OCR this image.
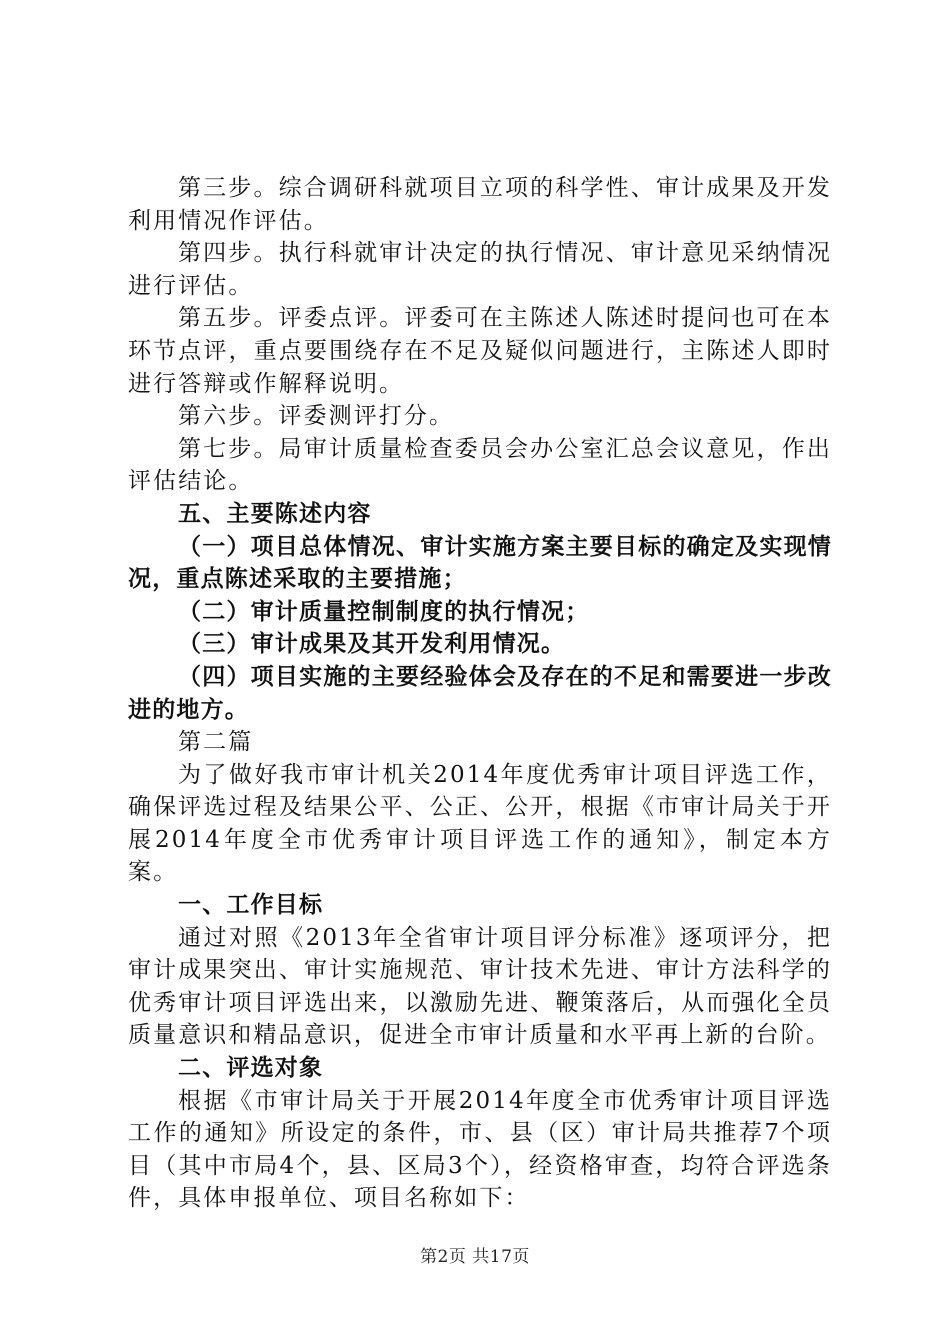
第三步。综合调研科就项目立项的科学性、审计成果及开发利用情况作评估。

第四步。执行科就审计决定的执行情况、审计意见采纳情况进行评估。

第五步。评委点评。评委可在主陈述人陈述时提问也可在本环节点评，重点要围绕存在不足及疑似问题进行，主陈述人即时进行答辩或作解释说明。

第六步。评委测评打分。

第七步。局审计质量检查委员会办公室汇总会议意见，作出评估结论。

五、主要陈述内容

（一）项目总体情况、审计实施方案主要目标的确定及实现情况，重点陈述采取的主要措施；

（二）审计质量控制制度的执行情况；

（三）审计成果及其开发利用情况。

（四）项目实施的主要经验体会及存在的不足和需要进一步改进的地方。

第二篇

为了做好我市审计机关2014年度优秀审计项目评选工作，确保评选过程及结果公平、公正、公开，根据《市审计局关于开展2014年度全市优秀审计项目评选工作的通知》，制定本方案。

一、工作目标

通过对照《2013年全省审计项目评分标准》逐项评分，把审计成果突出、审计实施规范、审计技术先进、审计方法科学的优秀审计项目评选出来，以激励先进、鞭策落后，从而强化全员质量意识和精品意识，促进全市审计质量和水平再上新的台阶。

二、评选对象

根据《市审计局关于开展2014年度全市优秀审计项目评选工作的通知》所设定的条件，市、县（区）审计局共推荐7个项目（其中市局4个，县、区局3个），经资格审查，均符合评选条件，具体申报单位、项目名称如下：

第2页 共17页
